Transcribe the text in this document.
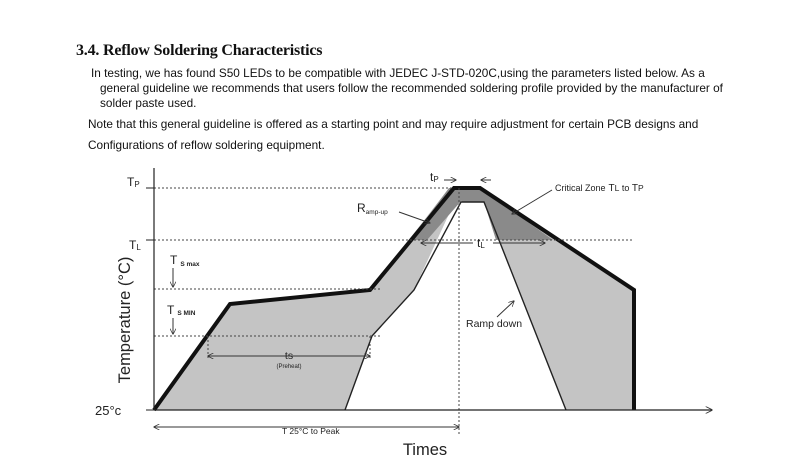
3.4. Reflow Soldering Characteristics
In testing, we has found S50 LEDs to be compatible with JEDEC J-STD-020C,using the parameters listed below. As a
general guideline we recommends that users follow the recommended soldering profile provided by the manufacturer of
solder paste used.
Note that this general guideline is offered as a starting point and may require adjustment for certain PCB designs and
Configurations of reflow soldering equipment.
TP
TL
T S max
T S MIN
25°c
Temperature (°C)
Times
tP
tL
Ramp-up
Ramp down
Critical Zone TL to TP
ts
(Preheat)
T 25°C to Peak
